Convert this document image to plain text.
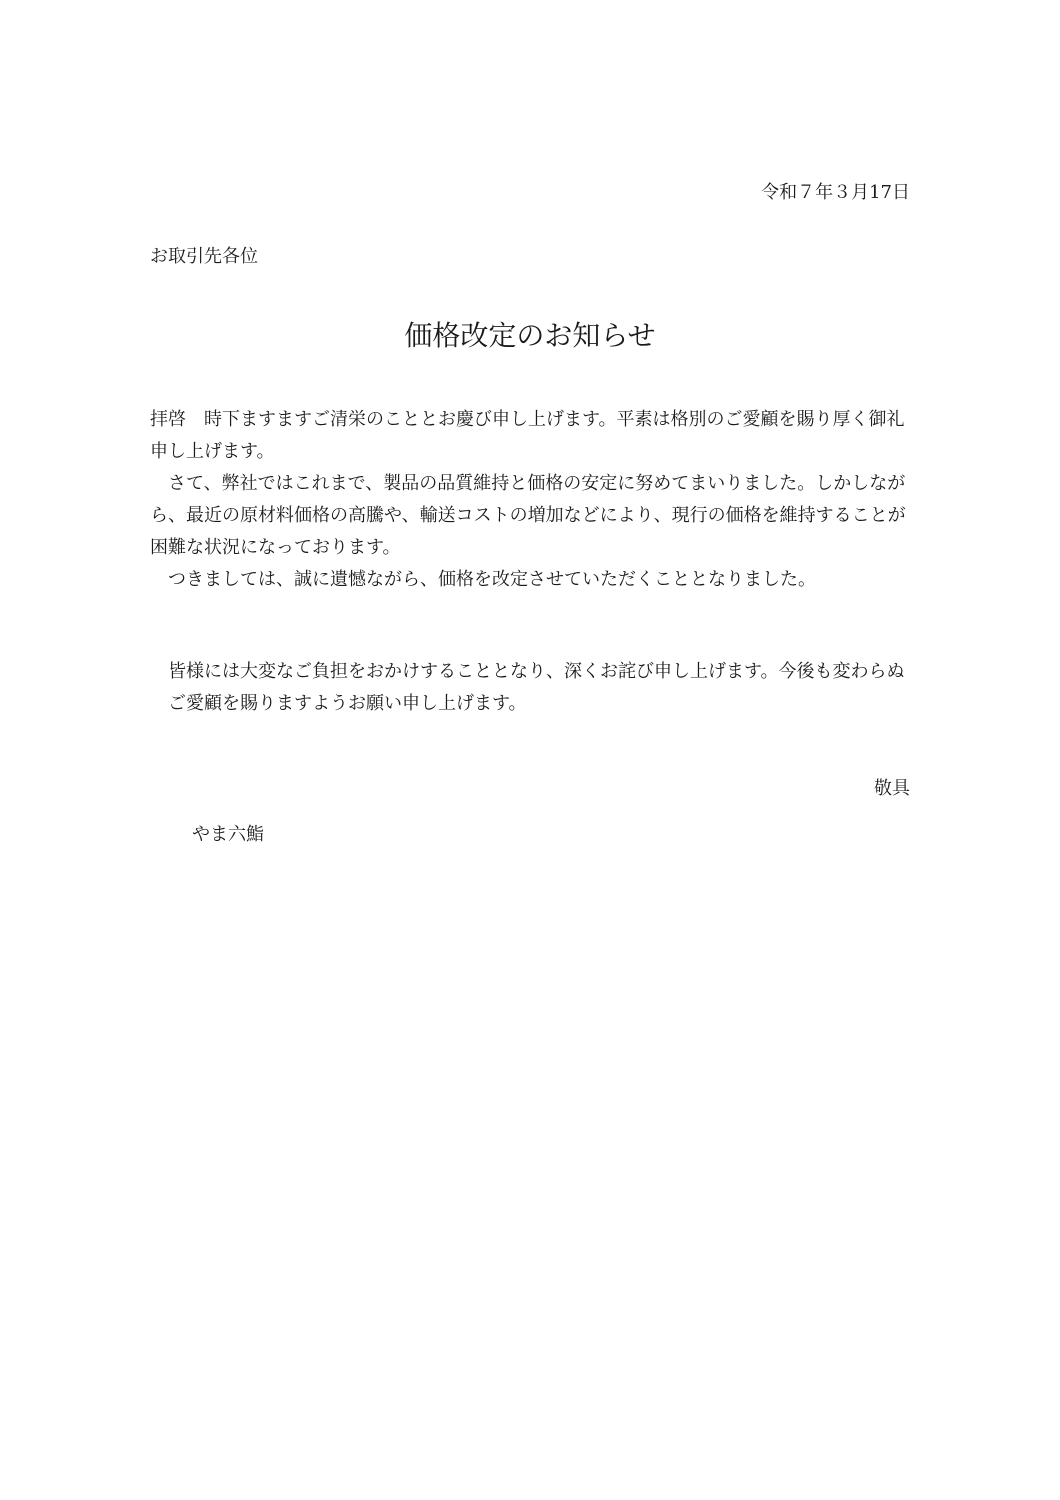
令和７年３月17日
お取引先各位
価格改定のお知らせ

拝啓　時下ますますご清栄のこととお慶び申し上げます。平素は格別のご愛顧を賜り厚く御礼申し上げます。

さて、弊社ではこれまで、製品の品質維持と価格の安定に努めてまいりました。しかしながら、最近の原材料価格の高騰や、輸送コストの増加などにより、現行の価格を維持することが困難な状況になっております。

つきましては、誠に遺憾ながら、価格を改定させていただくこととなりました。

皆様には大変なご負担をおかけすることとなり、深くお詫び申し上げます。今後も変わらぬご愛顧を賜りますようお願い申し上げます。

敬具
やま六鮨
